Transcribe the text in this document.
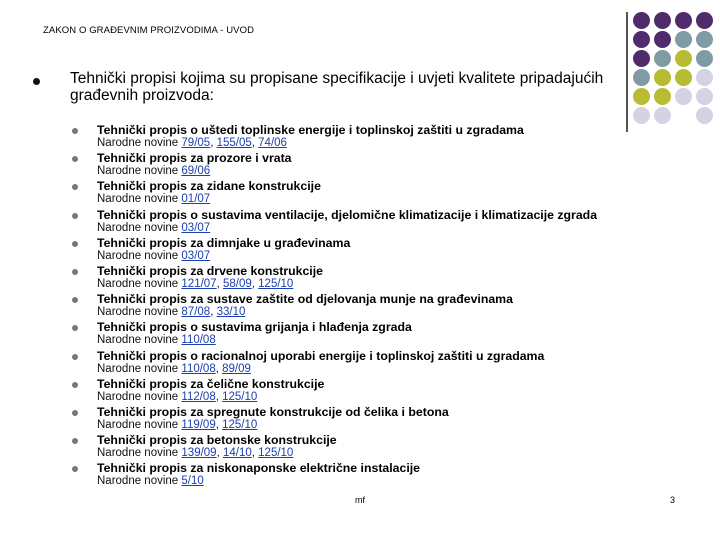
ZAKON O GRAĐEVNIM PROIZVODIMA - UVOD
Tehnički propisi kojima su propisane specifikacije i uvjeti kvalitete pripadajućih građevnih proizvoda:
Tehnički propis o uštedi toplinske energije i toplinskoj zaštiti u zgradama
Narodne novine 79/05, 155/05, 74/06
Tehnički propis za prozore i vrata
Narodne novine 69/06
Tehnički propis za zidane konstrukcije
Narodne novine 01/07
Tehnički propis o sustavima ventilacije, djelomične klimatizacije i klimatizacije zgrada
Narodne novine 03/07
Tehnički propis za dimnjake u građevinama
Narodne novine 03/07
Tehnički propis za drvene konstrukcije
Narodne novine 121/07, 58/09, 125/10
Tehnički propis za sustave zaštite od djelovanja munje na građevinama
Narodne novine 87/08, 33/10
Tehnički propis o sustavima grijanja i hlađenja zgrada
Narodne novine 110/08
Tehnički propis o racionalnoj uporabi energije i toplinskoj zaštiti u zgradama
Narodne novine 110/08, 89/09
Tehnički propis za čelične konstrukcije
Narodne novine 112/08, 125/10
Tehnički propis za spregnute konstrukcije od čelika i betona
Narodne novine 119/09, 125/10
Tehnički propis za betonske konstrukcije
Narodne novine 139/09, 14/10, 125/10
Tehnički propis za niskonaponske električne instalacije
Narodne novine 5/10
mf	3
